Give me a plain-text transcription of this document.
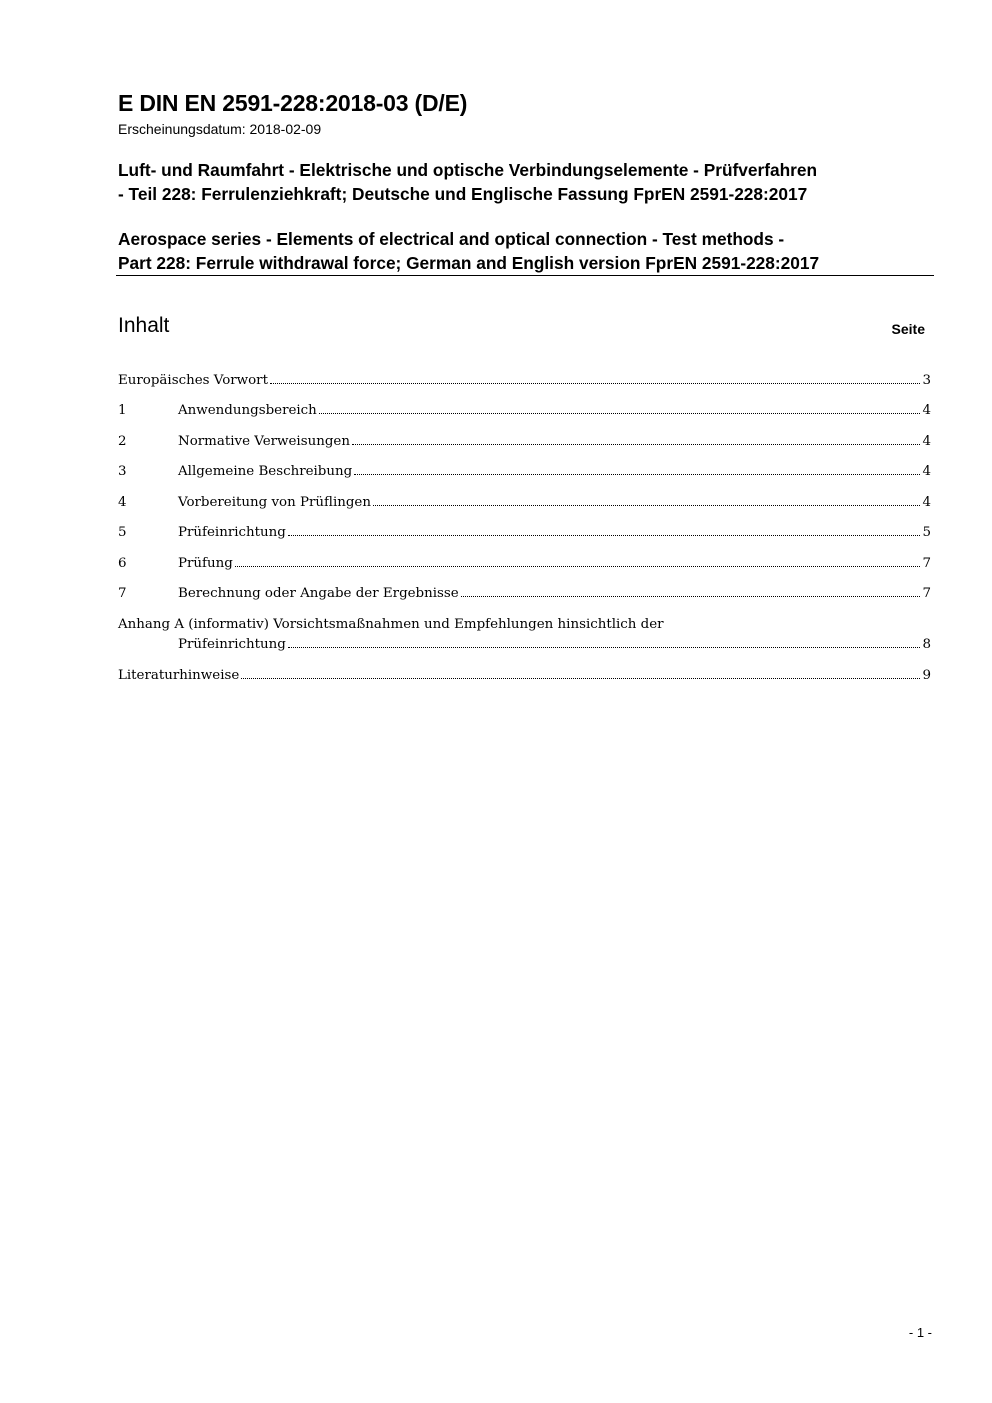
E DIN EN 2591-228:2018-03 (D/E)
Erscheinungsdatum: 2018-02-09
Luft- und Raumfahrt - Elektrische und optische Verbindungselemente - Prüfverfahren
- Teil 228: Ferrulenziehkraft; Deutsche und Englische Fassung FprEN 2591-228:2017
Aerospace series - Elements of electrical and optical connection - Test methods -
Part 228: Ferrule withdrawal force; German and English version FprEN 2591-228:2017
Inhalt	Seite
Europäisches Vorwort	3
1	Anwendungsbereich	4
2	Normative Verweisungen	4
3	Allgemeine Beschreibung	4
4	Vorbereitung von Prüflingen	4
5	Prüfeinrichtung	5
6	Prüfung	7
7	Berechnung oder Angabe der Ergebnisse	7
Anhang A (informativ) Vorsichtsmaßnahmen und Empfehlungen hinsichtlich der
Prüfeinrichtung	8
Literaturhinweise	9
- 1 -
